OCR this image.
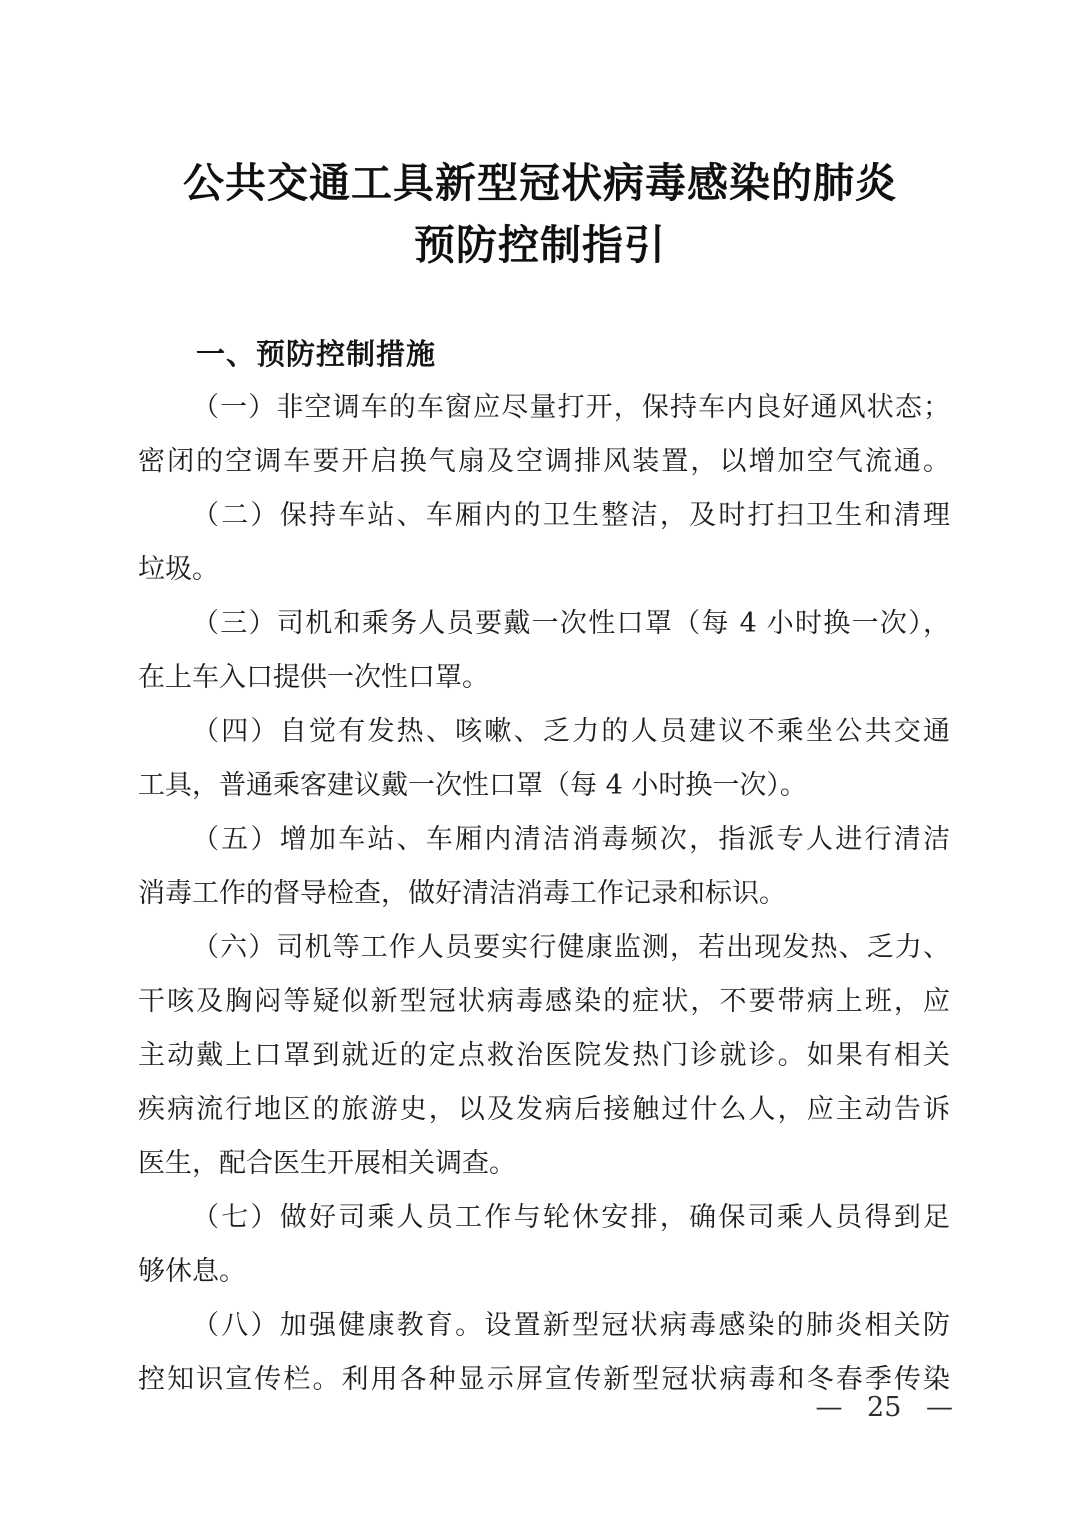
公共交通工具新型冠状病毒感染的肺炎
预防控制指引
一、预防控制措施
（一）非空调车的车窗应尽量打开，保持车内良好通风状态；
密闭的空调车要开启换气扇及空调排风装置，以增加空气流通。
（二）保持车站、车厢内的卫生整洁，及时打扫卫生和清理
垃圾。
（三）司机和乘务人员要戴一次性口罩（每 4 小时换一次），
在上车入口提供一次性口罩。
（四）自觉有发热、咳嗽、乏力的人员建议不乘坐公共交通
工具，普通乘客建议戴一次性口罩（每 4 小时换一次）。
（五）增加车站、车厢内清洁消毒频次，指派专人进行清洁
消毒工作的督导检查，做好清洁消毒工作记录和标识。
（六）司机等工作人员要实行健康监测，若出现发热、乏力、
干咳及胸闷等疑似新型冠状病毒感染的症状，不要带病上班，应
主动戴上口罩到就近的定点救治医院发热门诊就诊。如果有相关
疾病流行地区的旅游史，以及发病后接触过什么人，应主动告诉
医生，配合医生开展相关调查。
（七）做好司乘人员工作与轮休安排，确保司乘人员得到足
够休息。
（八）加强健康教育。设置新型冠状病毒感染的肺炎相关防
控知识宣传栏。利用各种显示屏宣传新型冠状病毒和冬春季传染
— 25 —
